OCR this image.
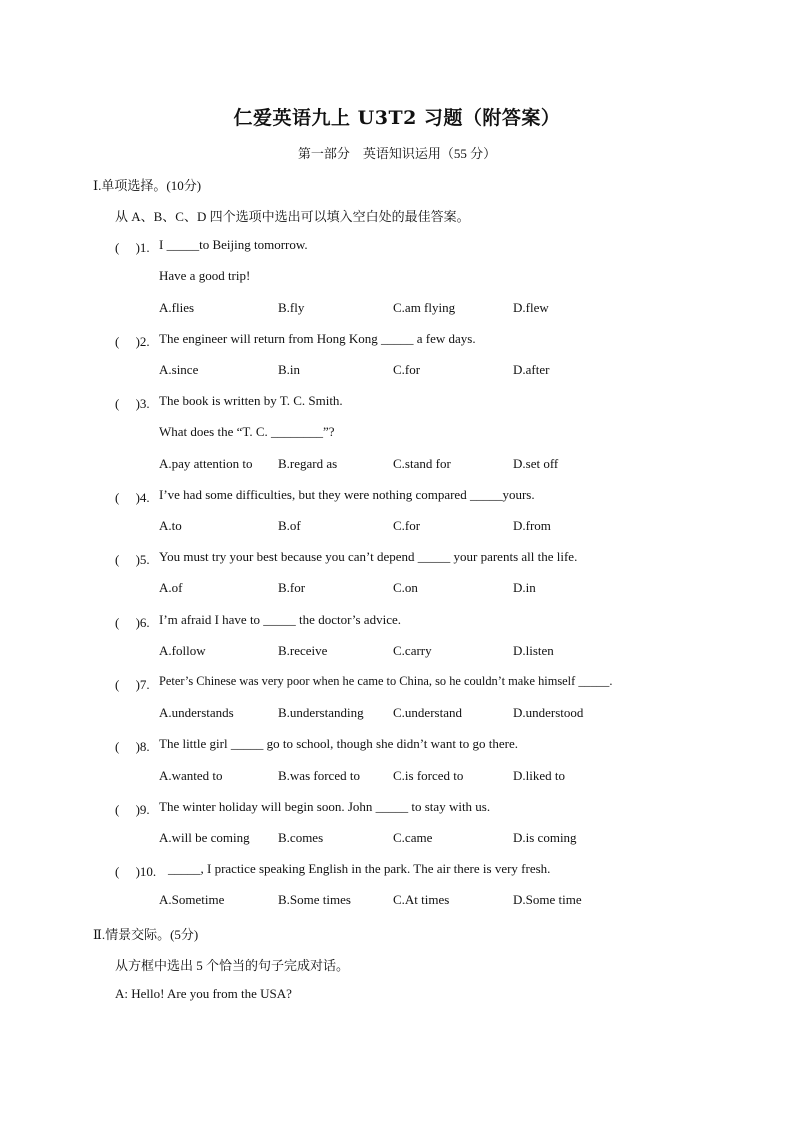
仁爱英语九上 U3T2 习题（附答案）
第一部分　英语知识运用（55 分）
Ⅰ.单项选择。(10分)
从 A、B、C、D 四个选项中选出可以填入空白处的最佳答案。
(　 )1. I _____to Beijing tomorrow.
Have a good trip!
A.flies	B.fly	C.am flying	D.flew
(　 )2. The engineer will return from Hong Kong _____ a few days.
A.since	B.in	C.for	D.after
(　 )3. The book is written by T. C. Smith.
What does the “T. C. ________”?
A.pay attention to B.regard as	C.stand for	D.set off
(　 )4. I’ve had some difficulties, but they were nothing compared _____yours.
A.to	B.of	C.for	D.from
(　 )5. You must try your best because you can’t depend _____ your parents all the life.
A.of	B.for	C.on	D.in
(　 )6. I’m afraid I have to _____ the doctor’s advice.
A.follow	B.receive	C.carry	D.listen
(　 )7. Peter’s Chinese was very poor when he came to China, so he couldn’t make himself _____.
A.understands	B.understanding C.understand	D.understood
(　 )8. The little girl _____ go to school, though she didn’t want to go there.
A.wanted to	B.was forced to	C.is forced to	D.liked to
(　 )9. The winter holiday will begin soon. John _____ to stay with us.
A.will be coming B.comes	C.came	D.is coming
(　 )10. _____, I practice speaking English in the park. The air there is very fresh.
A.Sometime	B.Some times	C.At times	D.Some time
Ⅱ.情景交际。(5分)
从方框中选出 5 个恰当的句子完成对话。
A: Hello! Are you from the USA?
